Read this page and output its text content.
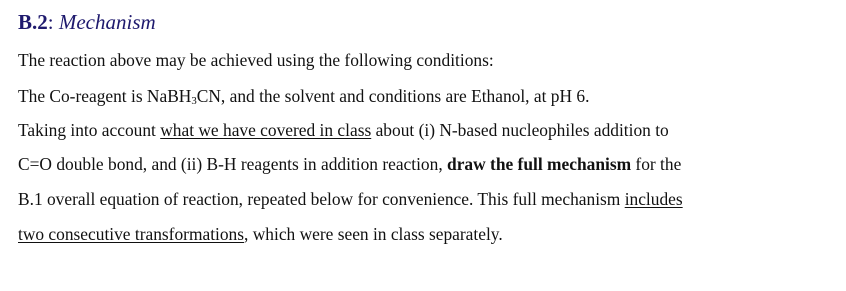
B.2: Mechanism
The reaction above may be achieved using the following conditions:
The Co-reagent is NaBH$_3$CN, and the solvent and conditions are Ethanol, at pH 6.
Taking into account what we have covered in class about (i) N-based nucleophiles addition to
C=O double bond, and (ii) B-H reagents in addition reaction, draw the full mechanism for the
B.1 overall equation of reaction, repeated below for convenience. This full mechanism includes
two consecutive transformations, which were seen in class separately.
